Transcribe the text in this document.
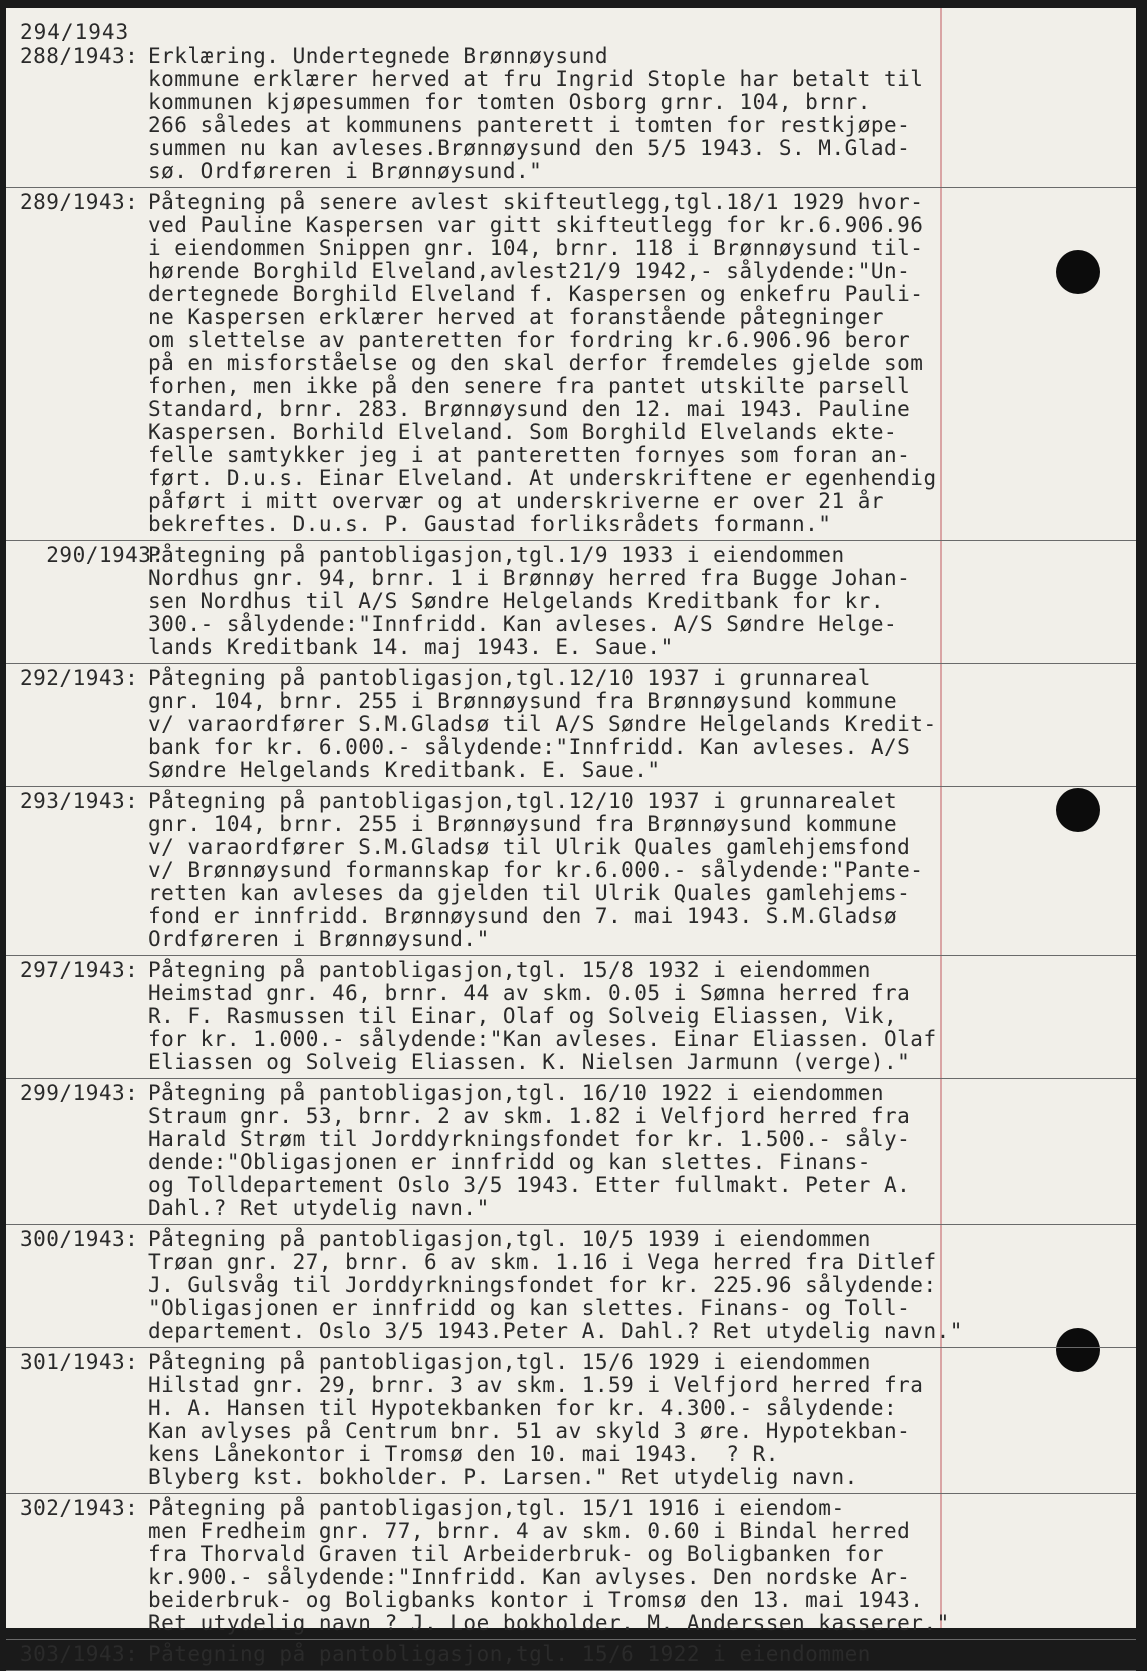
294/1943
288/1943: Erklæring. Undertegnede Brønnøysund
kommune erklærer herved at fru Ingrid Stople har betalt til
kommunen kjøpesummen for tomten Osborg grnr. 104, brnr.
266 således at kommunens panterett i tomten for restkjøpe-
summen nu kan avleses.Brønnøysund den 5/5 1943. S. M.Glad-
sø. Ordføreren i Brønnøysund."
289/1943: Påtegning på senere avlest skifteutlegg,tgl.18/1 1929 hvor-
ved Pauline Kaspersen var gitt skifteutlegg for kr.6.906.96
i eiendommen Snippen gnr. 104, brnr. 118 i Brønnøysund til-
hørende Borghild Elveland,avlest21/9 1942,- sålydende:"Un-
dertegnede Borghild Elveland f. Kaspersen og enkefru Pauli-
ne Kaspersen erklærer herved at foranstående påtegninger
om slettelse av panteretten for fordring kr.6.906.96 beror
på en misforståelse og den skal derfor fremdeles gjelde som
forhen, men ikke på den senere fra pantet utskilte parsell
Standard, brnr. 283. Brønnøysund den 12. mai 1943. Pauline
Kaspersen. Borhild Elveland. Som Borghild Elvelands ekte-
felle samtykker jeg i at panteretten fornyes som foran an-
ført. D.u.s. Einar Elveland. At underskriftene er egenhendig
påført i mitt overvær og at underskriverne er over 21 år
bekreftes. D.u.s. P. Gaustad forliksrådets formann."
290/1943:
Påtegning på pantobligasjon,tgl.1/9 1933 i eiendommen
Nordhus gnr. 94, brnr. 1 i Brønnøy herred fra Bugge Johan-
sen Nordhus til A/S Søndre Helgelands Kreditbank for kr.
300.- sålydende:"Innfridd. Kan avleses. A/S Søndre Helge-
lands Kreditbank 14. maj 1943. E. Saue."
292/1943: Påtegning på pantobligasjon,tgl.12/10 1937 i grunnareal
gnr. 104, brnr. 255 i Brønnøysund fra Brønnøysund kommune
v/ varaordfører S.M.Gladsø til A/S Søndre Helgelands Kredit-
bank for kr. 6.000.- sålydende:"Innfridd. Kan avleses. A/S
Søndre Helgelands Kreditbank. E. Saue."
293/1943: Påtegning på pantobligasjon,tgl.12/10 1937 i grunnarealet
gnr. 104, brnr. 255 i Brønnøysund fra Brønnøysund kommune
v/ varaordfører S.M.Gladsø til Ulrik Quales gamlehjemsfond
v/ Brønnøysund formannskap for kr.6.000.- sålydende:"Pante-
retten kan avleses da gjelden til Ulrik Quales gamlehjems-
fond er innfridd. Brønnøysund den 7. mai 1943. S.M.Gladsø
Ordføreren i Brønnøysund."
297/1943: Påtegning på pantobligasjon,tgl. 15/8 1932 i eiendommen
Heimstad gnr. 46, brnr. 44 av skm. 0.05 i Sømna herred fra
R. F. Rasmussen til Einar, Olaf og Solveig Eliassen, Vik,
for kr. 1.000.- sålydende:"Kan avleses. Einar Eliassen. Olaf
Eliassen og Solveig Eliassen. K. Nielsen Jarmunn (verge)."
299/1943: Påtegning på pantobligasjon,tgl. 16/10 1922 i eiendommen
Straum gnr. 53, brnr. 2 av skm. 1.82 i Velfjord herred fra
Harald Strøm til Jorddyrkningsfondet for kr. 1.500.- såly-
dende:"Obligasjonen er innfridd og kan slettes. Finans-
og Tolldepartement Oslo 3/5 1943. Etter fullmakt. Peter A.
Dahl.? Ret utydelig navn."
300/1943: Påtegning på pantobligasjon,tgl. 10/5 1939 i eiendommen
Trøan gnr. 27, brnr. 6 av skm. 1.16 i Vega herred fra Ditlef
J. Gulsvåg til Jorddyrkningsfondet for kr. 225.96 sålydende:
"Obligasjonen er innfridd og kan slettes. Finans- og Toll-
departement. Oslo 3/5 1943.Peter A. Dahl.? Ret utydelig navn."
301/1943: Påtegning på pantobligasjon,tgl. 15/6 1929 i eiendommen
Hilstad gnr. 29, brnr. 3 av skm. 1.59 i Velfjord herred fra
H. A. Hansen til Hypotekbanken for kr. 4.300.- sålydende:
Kan avlyses på Centrum bnr. 51 av skyld 3 øre. Hypotekban-
kens Lånekontor i Tromsø den 10. mai 1943.  ? R.
Blyberg kst. bokholder. P. Larsen." Ret utydelig navn.
302/1943: Påtegning på pantobligasjon,tgl. 15/1 1916 i eiendom-
men Fredheim gnr. 77, brnr. 4 av skm. 0.60 i Bindal herred
fra Thorvald Graven til Arbeiderbruk- og Boligbanken for
kr.900.- sålydende:"Innfridd. Kan avlyses. Den nordske Ar-
beiderbruk- og Boligbanks kontor i Tromsø den 13. mai 1943.
Ret utydelig navn ? J. Loe bokholder. M. Anderssen kasserer."
303/1943: Påtegning på pantobligasjon,tgl. 15/6 1922 i eiendommen
